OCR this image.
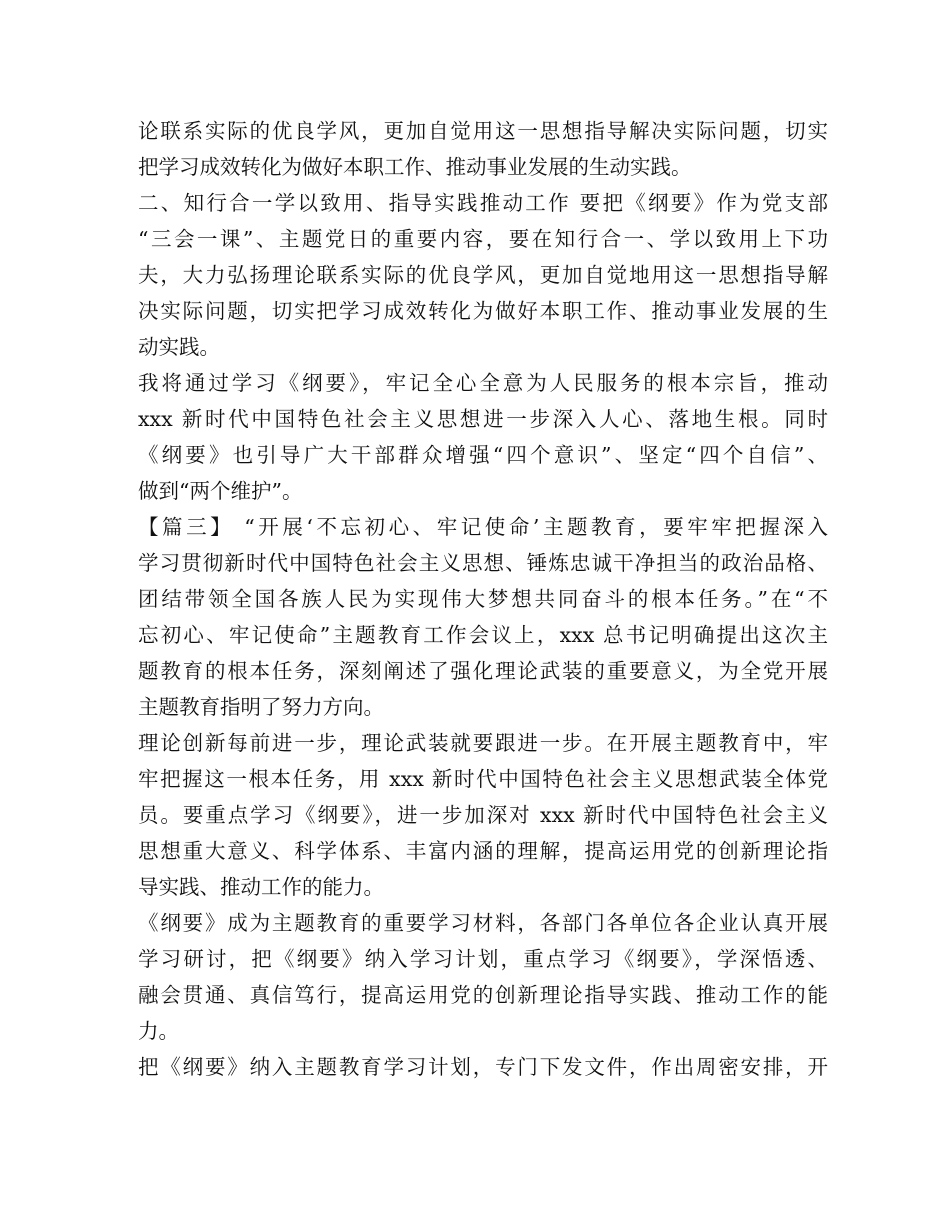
论联系实际的优良学风，更加自觉用这一思想指导解决实际问题，切实
把学习成效转化为做好本职工作、推动事业发展的生动实践。
二、知行合一学以致用、指导实践推动工作 要把《纲要》作为党支部
“三会一课”、主题党日的重要内容，要在知行合一、学以致用上下功
夫，大力弘扬理论联系实际的优良学风，更加自觉地用这一思想指导解
决实际问题，切实把学习成效转化为做好本职工作、推动事业发展的生
动实践。
我将通过学习《纲要》，牢记全心全意为人民服务的根本宗旨，推动
xxx 新时代中国特色社会主义思想进一步深入人心、落地生根。同时
《纲要》也引导广大干部群众增强“四个意识”、坚定“四个自信”、
做到“两个维护”。
【篇三】 “开展‘不忘初心、牢记使命’主题教育，要牢牢把握深入
学习贯彻新时代中国特色社会主义思想、锤炼忠诚干净担当的政治品格、
团结带领全国各族人民为实现伟大梦想共同奋斗的根本任务。”在“不
忘初心、牢记使命”主题教育工作会议上，xxx 总书记明确提出这次主
题教育的根本任务，深刻阐述了强化理论武装的重要意义，为全党开展
主题教育指明了努力方向。
理论创新每前进一步，理论武装就要跟进一步。在开展主题教育中，牢
牢把握这一根本任务，用 xxx 新时代中国特色社会主义思想武装全体党
员。要重点学习《纲要》，进一步加深对 xxx 新时代中国特色社会主义
思想重大意义、科学体系、丰富内涵的理解，提高运用党的创新理论指
导实践、推动工作的能力。
《纲要》成为主题教育的重要学习材料，各部门各单位各企业认真开展
学习研讨，把《纲要》纳入学习计划，重点学习《纲要》，学深悟透、
融会贯通、真信笃行，提高运用党的创新理论指导实践、推动工作的能
力。
把《纲要》纳入主题教育学习计划，专门下发文件，作出周密安排，开
